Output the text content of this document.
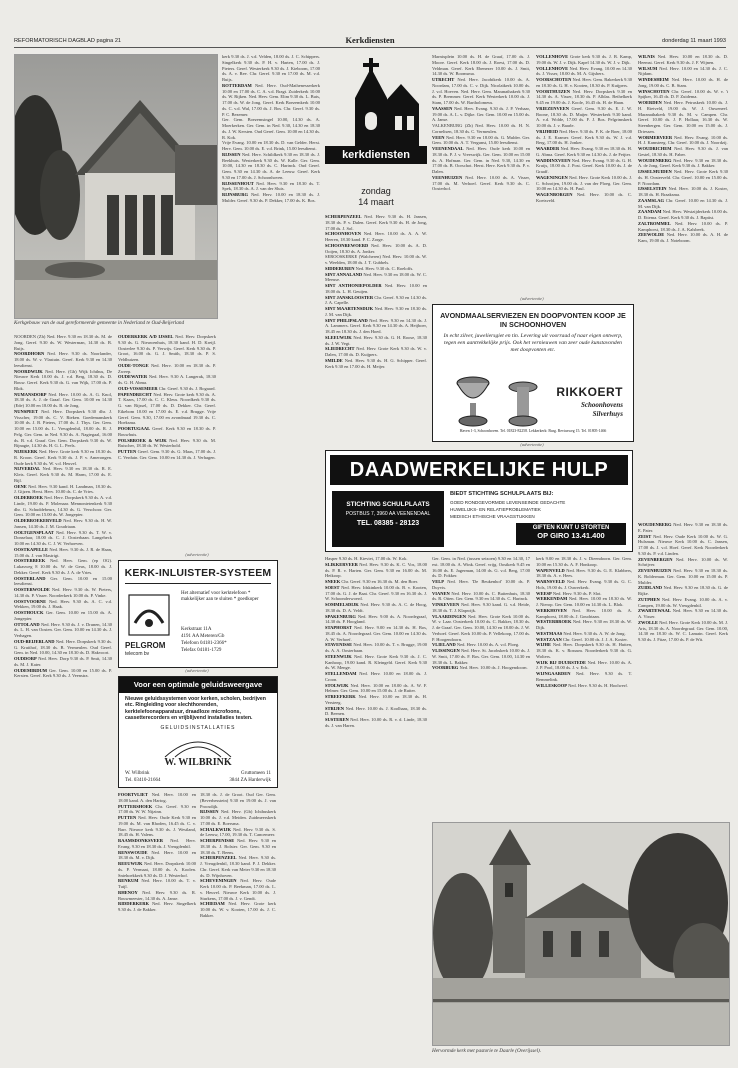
REFORMATORISCH DAGBLAD pagina 21	Kerkdiensten	donderdag 11 maart 1993
Kerkgebouw van de oud gereformeerde gemeente in Nederland te Oud-Beijerland

NOORDEN (Zh) Ned. Herv. 9.30 en 18.30 ds. M. de Jong. Geref. 9.30 ds. W. Westerman, 14.30 ds. B. Ruijs.

NOORDHORN Ned. Herv. 9.30 ds. Noorlander, 18.00 ds. W. v. Vlastuin. Geref. Kerk 9.30 en 14.30 leesdienst.

NOORDWIJK Ned. Herv. (Gb) Wijk Ichthus, De Nieuwe Kerk 10.00 ds. J. v.d. Berg, 18.30 ds. D. Bouw. Geref. Kerk 9.30 ds. G. van Wijk, 17.00 ds. P. Blok.

NUMANSDORP Ned. Herv. 10.00 ds. A. G. Knol, 18.30 ds. A. J. de Graaf. Ger. Gem. 10.00 en 14.30 (Ede) 10.00 en 18.00 ds. B. de Jong.

NUNSPEET Ned. Herv. Dorpskerk 9.30 dhr. J. Visscher, 19.00 ds. C. V. Rieken. Goedemanskerk 10.00 ds. J. B. Pieters, 17.00 ds. J. Thys. Ger. Gem. 10.00 en 15.00 ds. L. Vreugdenhil, 18.00 ds. R. J. Pelg. Ger. Gem. in Ned. 9.30 ds. A. Nagtegaal, 16.00 ds. B. v.d. Graaf. Ger. Gem. Dorpskerk 9.30 ds. W. Bijnagte, 14.30 ds. H. G. L. Peels.

NIJEKERK Ned. Herv. Grote kerk 9.30 en 18.30 ds. R. Kroon. Geref. Kerk 9.30 ds. J. P. v. Amerongen. Oude kerk 9.30 ds. W. v.d. Heuvel.

NIJVERDAL Ned. Herv. 9.30 en 18.30 ds. R. E. Kleis. Geref. Kerk 9.30 ds. M. Harm, 17.00 ds. E. Bijl.

OENE Ned. Herv. 9.30 kand. H. Landman, 18.30 ds. J. Gijzen. Herst. Herv. 10.00 ds. C. de Vries.

OLDEBROEK Ned. Herv. Dorpskerk 9.30 ds. A. v.d. Linde, 19.00 ds. P. Molenaar. Mennonietenkerk 9.30 dhr. G. Schuddebeurs, 14.30 ds. G. Verschoor. Ger. Gem. 10.00 en 15.00 ds. W. Jongepier.

OLDEBROEKERVELD Ned. Herv. 9.30 ds. H. W. Jansen, 14.30 ds. J. M. Goudriaan.

OOLTGENSPLAAT Ned. Herv. 9.30 ds. T. W. v. Donselaar, 18.00 ds. C. J. Oosterbaan. Langeheck 10.00 en 14.30 ds. C. J. W. Verhoeven.

OOSTKAPELLE Ned. Herv. 9.30 ds. J. R. de Haan, 15.00 ds. J. van Mastrigt.

OOSTERBEEK Ned. Herv. Gem. (ep OG). Lukasweg 8 10.00 ds. W. de Geus, 18.00 ds. J. Dekker. Geref. Kerk 9.30 ds. J. A. de Vries.

OOSTERLAND Ger. Gem. 10.00 en 15.00 leesdienst.

OOSTERWOLDE Ned. Herv. 9.30 ds. W. Pieters, 14.30 ds. P. Visser. Noorderkerk 10.00 ds. P. Vinke.

OOSTVOORNE Ned. Herv. 9.30 ds. A. C. v.d. Wekken, 19.00 ds. J. Haak.

OOSTHOUCK Ger. Gem. 10.00 en 15.00 ds. A. Jongepier.

OTTOLAND Ned. Herv. 9.30 ds. J. v. Drunen, 14.30 ds. L. H. van Oosten. Ger. Gem. 10.00 en 14.30 ds. J. Verhagen.

OUD-BEIJERLAND Ned. Herv. Dorpskerk 9.30 ds. G. Kruithof, 18.30 ds. B. Vermeulen. Oud Geref. Gem. in Ned. 10.00, 14.30 en 18.30 ds. D. Hakvoort.

OUDDORP Ned. Herv. Dorp 9.30 ds. P. Smit, 14.30 ds. M. J. Kater.

OUDEMIRDUM Ger. Gem. 10.00 en 15.00 ds. P. Kersten. Geref. Kerk 9.30 ds. J. Veenstra.

OUDERKERK A/D IJSSEL Ned. Herv. Dorpskerk 9.30 ds. G. Nieuwenhuis, 18.30 kand. H. D. Kreijl. Oosterlee 9.30 ds. P. Verwijs. Geref. Kerk 9.30 ds. P. Groot, 16.00 ds. G. J. Smith, 18.30 ds. P. S. Veldhuizen.

OUDE-TONGE Ned. Herv. 10.00 en 18.30 ds. P. Zweep.

OUDEWATER Ned. Herv. 9.30 A. Langerak, 18.30 ds. G. H. Abma.

OUD-VOSSEMEER Chr. Geref. 9.30 ds. J. Bogaard.

PAPENDRECHT Ned. Herv. Grote kerk 9.30 ds. A. T. Kaars, 17.00 ds. C. C. Kleus. Noordkerk 9.30 ds. G. van Rijssel, 17.00 ds. D. Dekker. Chr. Geref. Eikebom 10.00 en 17.00 ds. E. v.d. Brugge. Vrije Geref. Gem. 9.30, 17.00 en avondmaal 19.30 ds. C. Hoeksma.

POORTUGAAL Geref. Kerk 9.30 en 18.30 ds. P. Bouwhuis.

POLSBROEK & WIJK Ned. Herv. 9.30 ds. M. Ruischer, 18.30 ds. W. Westerhold.

PUTTEN Geref. Gem. 9.30 ds. G. Maas, 17.00 ds. J. C. Verduin. Ger. Gem. 10.00 en 14.30 ds. J. Verhagen.

(advertentie)
KERK-INLUISTER-SYSTEEM
PELGROM
telecom bv
Het alternatief voor kerktelefoon * makkelijker aan te sluiten * goedkoper
Kerkstraat 11A
4191 AA Meteren/Gb
Telefoon 04181-2366*
Telefax 04181-1729
(advertentie)
Voor een optimale geluidsweergave
Nieuwe geluidssystemen voor kerken, scholen, bedrijven etc. Ringleiding voor slechthorenden, kerktelefoonapparatuur, draadloze microfoons, cassetterecorders en vrijblijvend installaties testen.
GELUIDSINSTALLATIES
W. WILBRINK
W. Wilbrink
Tel. 03410-21664
Gruttomeen 11
3844 ZA Harderwijk

FOORTVLIET Ned. Herv. 10.00 en 18.00 kand. A. den Hartog.

PUTTERSHOEK Chr. Geref. 9.30 en 17.00 ds. W. W. Nijzinn.

PUTTEN Ned. Herv. Oude Kerk 9.30 en 19.00 ds. M. van Rhoden, 16.45 ds. C. v. Barr. Nieuwe kerk 9.30 ds. J. Westland, 18.45 ds. H. Valens.

RAAMSDONKSVEER Ned. Herv. Evang. 9.30 en 18.30 ds. J. Vreugdenhil.

RENSWOUDE Ned. Herv. 10.00 en 18.30 ds. M. v. Dijk.

REEUWIJK Ned. Herv. Dorpskerk 10.00 ds. P. Vermaat, 18.00 ds. A. Koolen. Sniehoekkerk 9.30 ds. D. J. Westerhof.

RENKUM Ned. Herv. 10.00 ds. T. v. Tuijl.

RHENOY Ned. Herv. 9.30 ds. R. Bouwmeester, 14.30 ds. A. Janse.

RIDDERKERK Ned. Herv. Singelkerk 9.30 ds. J. de Bakker.

18.30 ds. J. de Groot. Oud Ger. Gem. (Beverhesstein) 9.30 en 19.00 ds. J. van Proosdijk.

RIJSSEN Ned. Herv. (Gb) Ichthuskerk 10.00 ds. J. v.d. Meiden. Zuidmeerskerk 17.00 ds. E. Boersma.

SCHALKWIJK Ned. Herv. 9.30 ds. S. de Leeuw, 17.00, 19.30 ds. T. Cancemeer.

SCHERPENISSE Ned. Herv. 9.30 en 18.30 ds. J. Bolster. Ger. Gem. 9.30 en 18.30 ds. T. Beens.

SCHERPENZEEL Ned. Herv. 9.30 ds. J. Vreugdenhil, 18.30 kand. P. J. Dekker. Chr. Geref. Kerk van Meier 9.30 en 18.30 ds. D. Wijnhoven.

SCHEVENINGEN Ned. Herv. Oude Kerk 10.00 ds. P. Beekman, 17.00 ds. L. v. Heuvel. Nieuwe Kerk 10.00 ds. J. Sturkens, 17.00 ds. J. v. Gendt.

SCHIEDAM Ned. Herv. Grote kerk 10.00 ds. W. v. Kooten, 17.00 ds. J. C. Bakker.

kerk 9.30 ds. J. v.d. Velden, 18.00 ds. J. C. Schippers. Singelkerk 9.30 ds. P. H. v. Harten, 17.00 ds. J. Pieters. Geref. Westerkerk 9.30 ds. J. Kieboom, 17.00 ds. A. v. Ree. Chr. Geref. 9.30 en 17.00 ds. M. v.d. Buijs.

ROTTERDAM Ned. Herv. Oud-Mathenesserkerk 10.00 en 17.00 ds. C. A. v.d. Bragt. Zuiderkerk 10.00 ds. W. Rijken. Ned. Herv. Gem. Elim 9.30 ds. L. Buis, 17.00 ds. W. de Jong. Geref. Kerk Boezemkerk 10.00 ds. C. v.d. Wal, 17.00 ds. J. Bos. Chr. Geref. 9.30 ds. P. C. Bezemer.

Ger. Gem. Boezemsingel 10.00, 14.30 ds. A. Moerkerken. Ger. Gem. in Ned. 9.30, 14.30 en 18.30 ds. J. W. Kersten. Oud Geref. Gem. 10.00 en 14.30 ds. R. Kok.

Vrije Evang. 10.00 en 18.30 ds. D. van Gelder. Herst. Herv. Gem. 10.00 ds. E. v.d. Brink, 15.00 leesdienst.

RIJSSEN Ned. Herv. Schildkerk 9.30 en 18.30 ds. J. Beekhuis. Westerkerk 9.30 ds. W. Kalle. Ger. Gem. 10.00, 14.30 en 18.30 ds. C. Harinck. Oud Geref. Gem. 9.30 en 14.30 ds. A. de Leeuw. Geref. Kerk 9.30 en 17.00 ds. J. Schoonhoven.

RIJSSENHOUT Ned. Herv. 9.30 en 18.30 ds. T. Spek, 18.30 ds. A. J. van der Sluis.

RIJNSBURG Ned. Herv. 10.00 en 18.30 ds. J. Mulder. Geref. 9.30 ds. P. Dekker, 17.00 ds. K. Bos.

kerkdiensten
zondag
14 maart

SCHERPENZEEL Ned. Herv. 9.30 ds. H. Jansen, 18.30 ds. P. v. Dalen. Geref. Kerk 9.30 ds. H. de Jong, 17.00 ds. J. Sol.

SCHOONHOVEN Ned. Herv. 10.00 ds. A. A. W. Heeren, 18.30 kand. P. C. Zorge.

SCHOONREWOERD Ned. Herv. 10.00 ds. A. D. Ooijen, 18.30 ds. A. Jonker.

SEROOSKERKE (Walcheren) Ned. Herv. 10.00 ds. W. v. Weelden, 18.00 ds. J. T. Gubbels.

SIDDEBUREN Ned. Herv. 9.30 ds. C. Roeloffs.

SINT ANNALAND Ned. Herv. 9.30 en 18.00 ds. W. C. Meeuse.

SINT ANTHONIEPOLDER Ned. Herv. 10.00 en 18.00 ds. L. H. Geuijen.

SINT JANSKLOOSTER Chr. Geref. 9.30 en 14.30 ds. J. A. Capelle.

SINT MAARTENSDIJK Ned. Herv. 9.30 en 18.30 ds. J. M. van Dijk.

SINT PHILIPSLAND Ned. Herv. 9.30 en 14.30 ds. J. A. Lammers. Geref. Kerk 9.30 en 14.30 ds. A. Heijboer, 18.45 en 18.30 ds. J. den Hoed.

SLEEUWIJK Ned. Herv. 9.30 ds. G. H. Roose, 18.30 ds. J. W. Vegt.

SLIEDRECHT Ned. Herv. Grote Kerk 9.30 ds. W. v. Dalen, 17.00 ds. D. Kuijpers.

SMILDE Ned. Herv. 9.30 ds. H. G. Schipper. Geref. Kerk 9.30 en 17.00 ds. H. Meijer.

Marnixplein 10.00 ds. H. de Graaf, 17.00 ds. J. Moore. Geref. Kerk 18.00 ds. J. Roest, 17.00 ds. D. Veldman. Geref. Kerk Ebenezer 10.00 ds. J. Smit, 14.30 ds. W. Boomsma.

UTRECHT Ned. Herv. Jacobikerk 10.00 ds. A. Noordam, 17.00 ds. C. v. Dijk. Nicolaïkerk 10.00 ds. J. v.d. Hoeven. Ned. Herv. Gem. Maranathakerk 9.30 ds. P. Bremmer. Geref. Kerk Westerkerk 10.00 ds. J. Stam, 17.00 ds. W. Bartholomeus.

VAASSEN Ned. Herv. Evang. 9.30 ds. J. P. Verhaar, 19.00 ds. A. L. v. Dijke. Ger. Gem. 10.00 en 15.00 ds. A. Janse.

VALKENBURG (Zh) Ned. Herv. 10.00 ds. H. N. Cornelisen, 18.30 ds. C. Vermeulen.

VEEN Ned. Herv. 9.30 en 18.00 ds. G. Mulder. Ger. Gem. 10.00 ds. A. T. Vergunst, 15.00 leesdienst.

VEENENDAAL Ned. Herv. Oude kerk 10.00 en 18.30 ds. P. J. v. Vreeswijk. Ger. Gem. 10.00 en 15.00 ds. A. Hofman. Ger. Gem. in Ned. 9.30, 14.30 en 17.00 ds. B. Oorschot. Herst. Herv. Kerk 9.30 ds. P. v. Dalen.

VEENHUIZEN Ned. Herv. 10.00 ds. A. Visser, 17.00 ds. M. Verhoef. Geref. Kerk 9.30 ds. C. Oosterhof.

VOLLENHOVE Grote kerk 9.30 ds. J. B. Kamp, 19.00 ds. W. J. v. Dijk. Kapel 14.30 ds. W. J. v. Dijk.

VOLLENHOVE Ned. Herv. Evang. 10.00 en 14.30 ds. J. Visser, 18.00 ds. M. A. Gijsbers.

VOORSCHOTEN Ned. Herv. Gem. Bakerkerk 9.30 en 18.30 ds. G. H. v. Kooten, 18.30 ds. P. Kuijpers.

VOORTHUIZEN Ned. Herv. Dorpskerk 9.30 en 14.30 ds. A. Visser, 18.30 ds. P. Alblas. Bethelkerk 9.45 en 19.00 ds. J. Koole, 16.45 ds. H. de Haan.

VRIEZENVEEN Geref. Gem. 9.30 ds. E. J. W. Boone, 18.30 ds. D. Maijer. Westerkerk 9.30 kand. A. v.d. Wolde, 17.00 ds. F. J. Bos. Pelgrimskerk 10.00 ds. J. v. Baarle.

VRIJHEID Ned. Herv. 9.30 ds. F. K. de Boer, 18.00 ds. J. E. Kramer. Geref. Kerk 9.30 ds. W. J. v.d. Berg, 17.00 ds. H. Jonker.

WAARDER Ned. Herv. Evang. 9.30 en 18.30 ds. H. G. Abma. Geref. Kerk 9.30 en 14.30 ds. J. de Feijter.

WADDINXVEEN Ned. Herv. Evang. 9.30 ds. G. H. Kruijs, 18.00 ds. J. Post. Geref. Kerk 10.00 ds. J. de Graaff.

WAGENINGEN Ned. Herv. Grote Kerk 10.00 ds. J. C. Schroijen, 19.00 ds. J. van der Ploeg. Ger. Gem. 10.00 en 14.30 ds. H. Paul.

WAGENBORGEN Ned. Herv. 10.00 ds. C. Koetsveld.

WILNIS Ned. Herv. 10.00 en 18.30 ds. D. Heemst. Geref. Kerk 9.30 ds. J. F. Wijnen.

WILSUM Ned. Herv. 10.00 en 14.30 ds. J. C. Nijdam.

WINDESHEIM Ned. Herv. 10.00 ds. H. de Jong, 19.00 ds. C. B. Stam.

WINSCHOTEN Chr. Geref. 10.00 ds. W. v. 't Spijker, 16.45 ds. D. P. Zuidema.

WOERDEN Ned. Herv. Petruskerk 10.00 ds. J. H. Rietveld, 19.00 ds. W. J. Ouweneel. Maranathakerk 9.30 ds. M. v. Campen. Chr. Geref. 10.00 ds. J. P. Hollaar, 16.30 ds. W. Steenbergen. Ger. Gem. 10.00 en 15.00 ds. J. Driessen.

WORMERVEER Ned. Herv. Evang. 10.00 ds. H. J. Kamsteeg. Chr. Geref. 10.00 ds. J. Noordzij.

WOUDRICHEM Ned. Herv. 9.30 ds. J. van Gestel, 18.30 ds. H. Faber.

WOUDENBERG Ned. Herv. 9.30 en 18.30 ds. A. de Jong. Geref. Kerk 9.30 ds. J. Bakker.

IJSSELMUIDEN Ned. Herv. Grote Kerk 9.30 ds. H. Oosterveld. Chr. Geref. 10.00 en 15.00 ds. P. Noordam.

IJSSELSTEIN Ned. Herv. 10.00 ds. J. Koster, 18.30 ds. H. Braaksma.

ZAAMSLAG Chr. Geref. 10.00 en 14.30 ds. J. M. van Dijk.

ZAANDAM Ned. Herv. Westzijderkerk 10.00 ds. D. Ettema. Geref. Kerk 9.30 ds. J. Baptist.

ZALTBOMMEL Ned. Herv. 10.00 ds. P. Kamphorst, 18.30 ds. J. A. Kalsbeek.

ZEEWOLDE Ned. Herv. 10.00 ds. A. H. de Kam, 19.00 ds. J. Noteboom.

(advertentie)
AVONDMAALSERVIEZEN EN DOOPVONTEN KOOP JE IN SCHOONHOVEN
In echt zilver, juweliersgiet en tin. Levering uit voorraad of naar eigen ontwerp, tegen een aantrekkelijke prijs. Ook het vernieuwen van zeer oude kunstavonden met doopvonten etc.
RIKKOERT
Schoonhovens
Silverhuys
Haven 1-3, Schoonhoven. Tel. 01823-82258. Lekkerkerk: Burg. Reviusweg 15. Tel. 01805-1466
(advertentie)
DAADWERKELIJKE HULP
STICHTING SCHULPLAATS
POSTBUS 7, 3960 AA VEENENDAAL
TEL. 08385 - 28123
BIEDT STICHTING SCHULPLAATS BIJ:
GOED RONDGEVORMDE LEVENSEINDE GEDACHTE
HUWELIJKS- EN RELATIEPROBLEMATIEK
MEDISCH ETHISCHE VRAAGSTUKKEN
GIFTEN KUNT U STORTEN
OP GIRO 13.41.400

Hasper 9.30 ds. H. Kieviet, 17.00 ds. W. Kok.

SLIKKERVEER Ned. Herv. 9.30 ds. K. C. Vos, 18.00 ds. P. R. v. Harten. Ger. Gem. 9.30 en 16.00 ds. M. Heikoop.

SNEEK Chr. Geref. 9.30 en 16.30 ds. M. den Boer.

SOEST Ned. Herv. Idskinkerk 10.00 ds. B. v. Kooten, 17.00 ds. G. J. de Baat. Chr. Geref. 9.30 en 16.30 ds. J. W. Schoonderwoerd.

SOMMELSDIJK Ned. Herv. 9.30 ds. A. C. de Hoog, 18.30 ds. D. A. Veldt.

SPAKENBURG Ned. Herv. 9.00 ds. A. Noordegraaf, 14.30 ds. P. Hoogland.

STAPHORST Ned. Herv. 9.00 en 14.30 ds. H. Bos, 18.45 ds. A. Noordegraaf. Ger. Gem. 10.00 en 14.30 ds. A. W. Verhoef.

STAVENISSE Ned. Herv. 10.00 ds. T. v. Brugge, 19.00 ds. A. A. Oosterbaan.

STEENWIJK Ned. Herv. Grote Kerk 9.30 ds. J. C. Kanhoop, 19.00 kand. R. Kleingeld. Geref. Kerk 9.30 ds. W. Menge.

STELLENDAM Ned. Herv. 10.00 en 18.00 ds. J. Croon.

STOLWIJK Ned. Herv. 10.00 en 18.00 ds. A. W. F. Helmer. Ger. Gem. 10.00 en 15.00 ds. J. de Ruiter.

STREEFKERK Ned. Herv. 10.00 en 18.30 ds. H. Versteeg.

STRIJEN Ned. Herv. 10.00 ds. J. Koolhaas, 18.30 ds. D. Beenen.

SUSTEREN Ned. Herv. 10.00 ds. R. v. d. Linde, 18.30 ds. J. van Haren.

Ger. Gem. in Ned. (tussen seizoen) 9.30 en 14.30, 17 ext. 18.00 ds. A. Wink. Geref. vrijg. Oostkerk 9.45 en 16.00 ds. E. Jagerman, 14.00 ds. G. v.d. Berg, 17.00 ds. D. Fokker.

VELP Ned. Herv. 'De Beukenhof' 10.00 ds. P. Duyvis.

VIANEN Ned. Herv. 10.00 ds. C. Buitenhuis, 18.30 ds. R. Otten. Ger. Gem. 9.30 en 14.30 ds. C. Harinck.

VINKEVEEN Ned. Herv. 9.30 kand. G. v.d. Heide, 18.30 ds. T. J. Klapwijk.

VLAARDINGEN Ned. Herv. Grote Kerk 10.00 ds. W. v. Laar. Oosterkerk 10.00 ds. C. Bakker, 18.30 ds. J. de Graaf. Ger. Gem. 10.00, 14.30 en 18.00 ds. J. W. Verhoef. Geref. Kerk 10.00 ds. P. Vellekoop, 17.00 ds. P. Hoogendoorn.

VLIELAND Ned. Herv. 10.00 ds. A. v.d. Ploeg.

VLISSINGEN Ned. Herv. St. Jacobskerk 10.00 ds. J. W. Smit, 17.00 ds. F. Bos. Ger. Gem. 10.00, 14.30 en 18.30 ds. L. Bakker.

VOORBURG Ned. Herv. 10.00 ds. J. Hoogendoorn.

kerk 9.00 en 18.30 ds. J. v. Dieendoorn. Ger. Gem. 10.00 en 15.30 ds. A. F. Honkoop.

WAPENVELD Ned. Herv. 9.30 ds. G. E. Klabbers, 18.30 ds. A. v. Hees.

WARNSVELD Ned. Herv. Evang. 9.30 ds. G. C. Hols, 19.00 ds. J. Ouwerkerk.

WEESP Ned. Herv. 9.30 ds. P. Slot.

WERKENDAM Ned. Herv. 10.00 en 18.30 ds. W. J. Nierop. Ger. Gem. 10.00 en 14.30 ds. L. Blok.

WERKHOVEN Ned. Herv. 10.00 ds. A. Kamphorst, 18.00 ds. J. Goudriaan.

WESTERBROEK Ned. Herv. 9.30 en 18.30 ds. W. Dijk.

WESTMAAS Ned. Herv. 9.30 ds. A. W. de Jong.

WESTZAAN Chr. Geref. 10.00 ds. J. J. A. Koster.

WIJHE Ned. Herv. Dorpskerk 9.30 ds. H. Hutten, 18.30 ds. K. v. Rossum. Noorderkerk 9.30 ds. G. Wolters.

WIJK BIJ DUURSTEDE Ned. Herv. 10.00 ds. A. J. P. Pool, 18.00 ds. J. v. Eck.

WIJNGAARDEN Ned. Herv. 9.30 ds. T. Remmelink.

WILLESKOOP Ned. Herv. 9.30 ds. H. Hoolwerf.

WOUDENBERG Ned. Herv. 9.30 en 18.30 ds. E. Pater.

ZEIST Ned. Herv. Oude Kerk 10.00 ds. W. G. Hulsman. Nieuwe Kerk 10.00 ds. C. Jansen, 17.00 ds. J. v.d. Hoef. Geref. Kerk Noorderkerk 9.30 ds. P. v.d. Linden.

ZEVENBERGEN Ned. Herv. 10.00 ds. W. Schrijver.

ZEVENHUIZEN Ned. Herv. 9.30 en 18.30 ds. K. Bolderman. Ger. Gem. 10.00 en 15.00 ds. P. Mulder.

ZUIDLAND Ned. Herv. 9.30 en 18.30 ds. G. de Rijke.

ZUTPHEN Ned. Herv. Evang. 10.00 ds. A. v. Campen, 19.00 ds. W. Vreugdenhil.

ZWARTEWAAL Ned. Herv. 9.30 en 14.30 ds. A. Visser.

ZWOLLE Ned. Herv. Grote Kerk 10.00 ds. M. J. Arts, 18.30 ds. A. Noordegraaf. Ger. Gem. 10.00, 14.30 en 18.30 ds. W. C. Lamain. Geref. Kerk 9.30 ds. J. Fitze, 17.00 ds. P. de Wit.

Hervormde kerk met pastorie te Daarle (Overijssel).
